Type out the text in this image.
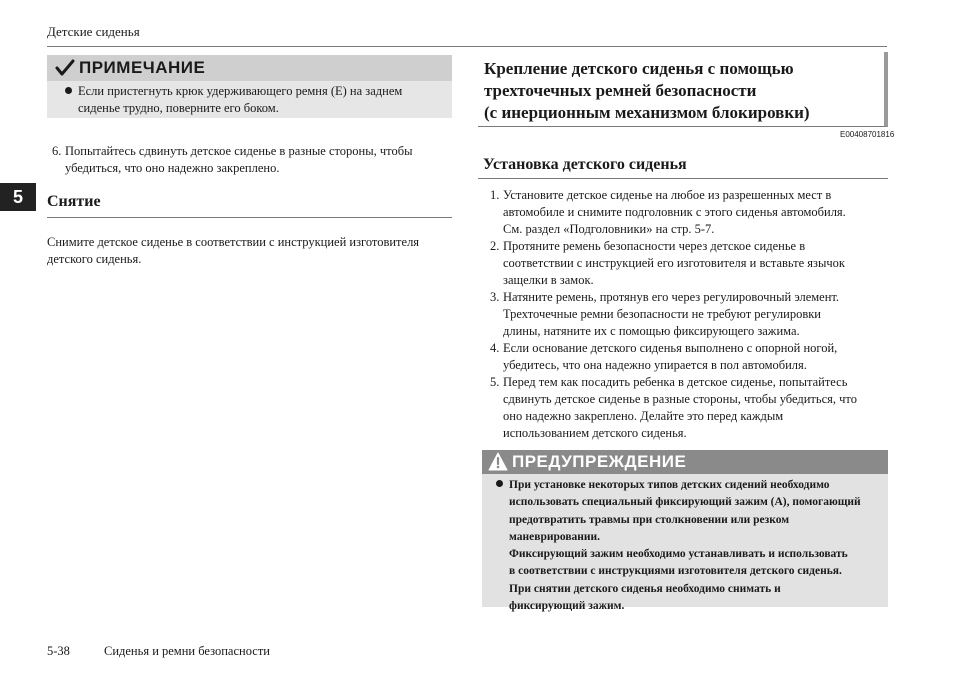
Детские сиденья
5
ПРИМЕЧАНИЕ
Если пристегнуть крюк удерживающего ремня (E) на заднем
сиденье трудно, поверните его боком.
6. Попытайтесь сдвинуть детское сиденье в разные стороны, чтобы
убедиться, что оно надежно закреплено.
Снятие
Снимите детское сиденье в соответствии с инструкцией изготовителя
детского сиденья.
Крепление детского сиденья с помощью
трехточечных ремней безопасности
(с инерционным механизмом блокировки)
E00408701816
Установка детского сиденья
1. Установите детское сиденье на любое из разрешенных мест в
автомобиле и снимите подголовник с этого сиденья автомобиля.
См. раздел «Подголовники» на стр. 5-7.
2. Протяните ремень безопасности через детское сиденье в
соответствии с инструкцией его изготовителя и вставьте язычок
защелки в замок.
3. Натяните ремень, протянув его через регулировочный элемент.
Трехточечные ремни безопасности не требуют регулировки
длины, натяните их с помощью фиксирующего зажима.
4. Если основание детского сиденья выполнено с опорной ногой,
убедитесь, что она надежно упирается в пол автомобиля.
5. Перед тем как посадить ребенка в детское сиденье, попытайтесь
сдвинуть детское сиденье в разные стороны, чтобы убедиться, что
оно надежно закреплено. Делайте это перед каждым
использованием детского сиденья.
ПРЕДУПРЕЖДЕНИЕ
При установке некоторых типов детских сидений необходимо
использовать специальный фиксирующий зажим (A), помогающий
предотвратить травмы при столкновении или резком
маневрировании.
Фиксирующий зажим необходимо устанавливать и использовать
в соответствии с инструкциями изготовителя детского сиденья.
При снятии детского сиденья необходимо снимать и
фиксирующий зажим.
5-38	Сиденья и ремни безопасности
